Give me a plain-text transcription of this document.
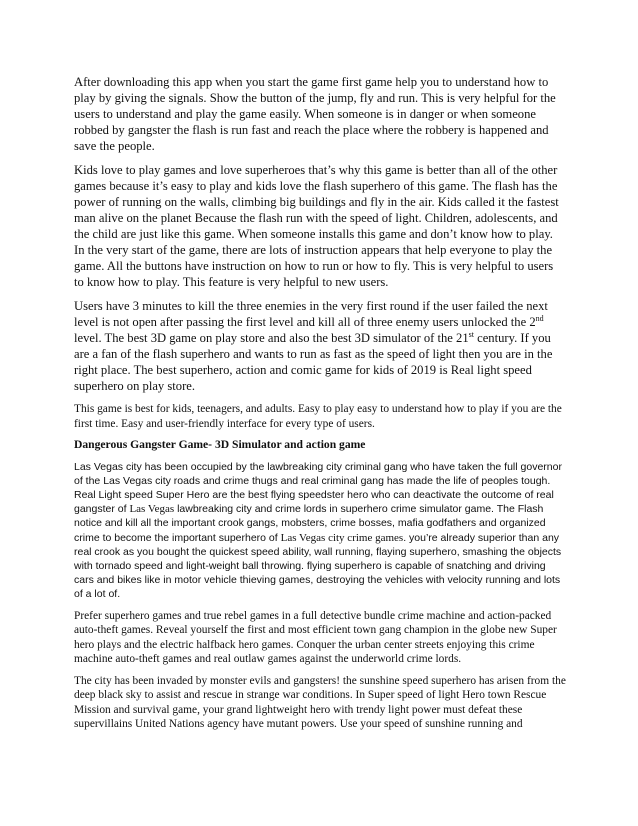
After downloading this app when you start the game first game help you to understand how to play by giving the signals. Show the button of the jump, fly and run. This is very helpful for the users to understand and play the game easily. When someone is in danger or when someone robbed by gangster the flash is run fast and reach the place where the robbery is happened and save the people.

Kids love to play games and love superheroes that’s why this game is better than all of the other games because it’s easy to play and kids love the flash superhero of this game. The flash has the power of running on the walls, climbing big buildings and fly in the air. Kids called it the fastest man alive on the planet Because the flash run with the speed of light. Children, adolescents, and the child are just like this game. When someone installs this game and don’t know how to play. In the very start of the game, there are lots of instruction appears that help everyone to play the game. All the buttons have instruction on how to run or how to fly. This is very helpful to users to know how to play. This feature is very helpful to new users.

Users have 3 minutes to kill the three enemies in the very first round if the user failed the next level is not open after passing the first level and kill all of three enemy users unlocked the 2nd level. The best 3D game on play store and also the best 3D simulator of the 21st century. If you are a fan of the flash superhero and wants to run as fast as the speed of light then you are in the right place. The best superhero, action and comic game for kids of 2019 is Real light speed superhero on play store.

This game is best for kids, teenagers, and adults. Easy to play easy to understand how to play if you are the first time. Easy and user-friendly interface for every type of users.

Dangerous Gangster Game- 3D Simulator and action game

Las Vegas city has been occupied by the lawbreaking city criminal gang who have taken the full governor of the Las Vegas city roads and crime thugs and real criminal gang has made the life of peoples tough. Real Light speed Super Hero are the best flying speedster hero who can deactivate the outcome of real gangster of Las Vegas lawbreaking city and crime lords in superhero crime simulator game. The Flash notice and kill all the important crook gangs, mobsters, crime bosses, mafia godfathers and organized crime to become the important superhero of Las Vegas city crime games. you’re already superior than any real crook as you bought the quickest speed ability, wall running, flaying superhero, smashing the objects with tornado speed and light-weight ball throwing. flying superhero is capable of snatching and driving cars and bikes like in motor vehicle thieving games, destroying the vehicles with velocity running and lots of a lot of.

Prefer superhero games and true rebel games in a full detective bundle crime machine and action-packed auto-theft games. Reveal yourself the first and most efficient town gang champion in the globe new Super hero plays and the electric halfback hero games. Conquer the urban center streets enjoying this crime machine auto-theft games and real outlaw games against the underworld crime lords.

The city has been invaded by monster evils and gangsters! the sunshine speed superhero has arisen from the deep black sky to assist and rescue in strange war conditions. In Super speed of light Hero town Rescue Mission and survival game, your grand lightweight hero with trendy light power must defeat these supervillains United Nations agency have mutant powers. Use your speed of sunshine running and
